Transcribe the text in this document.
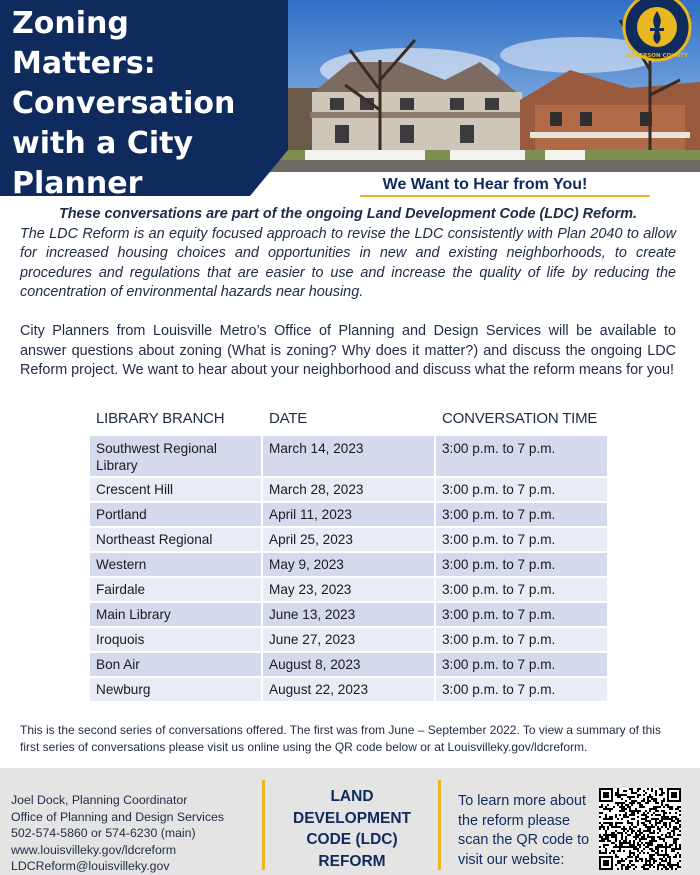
JEFFERSON COUNTY
Zoning Matters:
Conversation
with a City
Planner	We Want to Hear from You!

These conversations are part of the ongoing Land Development Code (LDC) Reform.

The LDC Reform is an equity focused approach to revise the LDC consistently with Plan 2040 to allow for increased housing choices and opportunities in new and existing neighborhoods, to create procedures and regulations that are easier to use and increase the quality of life by reducing the concentration of environmental hazards near housing.

City Planners from Louisville Metro’s Office of Planning and Design Services will be available to answer questions about zoning (What is zoning? Why does it matter?) and discuss the ongoing LDC Reform project. We want to hear about your neighborhood and discuss what the reform means for you!

LIBRARY BRANCH	DATE	CONVERSATION TIME
Southwest Regional Library	March 14, 2023	3:00 p.m. to 7 p.m.
Crescent Hill	March 28, 2023	3:00 p.m. to 7 p.m.
Portland	April 11, 2023	3:00 p.m. to 7 p.m.
Northeast Regional	April 25, 2023	3:00 p.m. to 7 p.m.
Western	May 9, 2023	3:00 p.m. to 7 p.m.
Fairdale	May 23, 2023	3:00 p.m. to 7 p.m.
Main Library	June 13, 2023	3:00 p.m. to 7 p.m.
Iroquois	June 27, 2023	3:00 p.m. to 7 p.m.
Bon Air	August 8, 2023	3:00 p.m. to 7 p.m.
Newburg	August 22, 2023	3:00 p.m. to 7 p.m.

This is the second series of conversations offered. The first was from June – September 2022. To view a summary of this first series of conversations please visit us online using the QR code below or at Louisvilleky.gov/ldcreform.

Joel Dock, Planning Coordinator
Office of Planning and Design Services
502-574-5860 or 574-6230 (main)
www.louisvilleky.gov/ldcreform
LDCReform@louisvilleky.gov
LAND
DEVELOPMENT
CODE (LDC)
REFORM
To learn more about the reform please scan the QR code to visit our website:
